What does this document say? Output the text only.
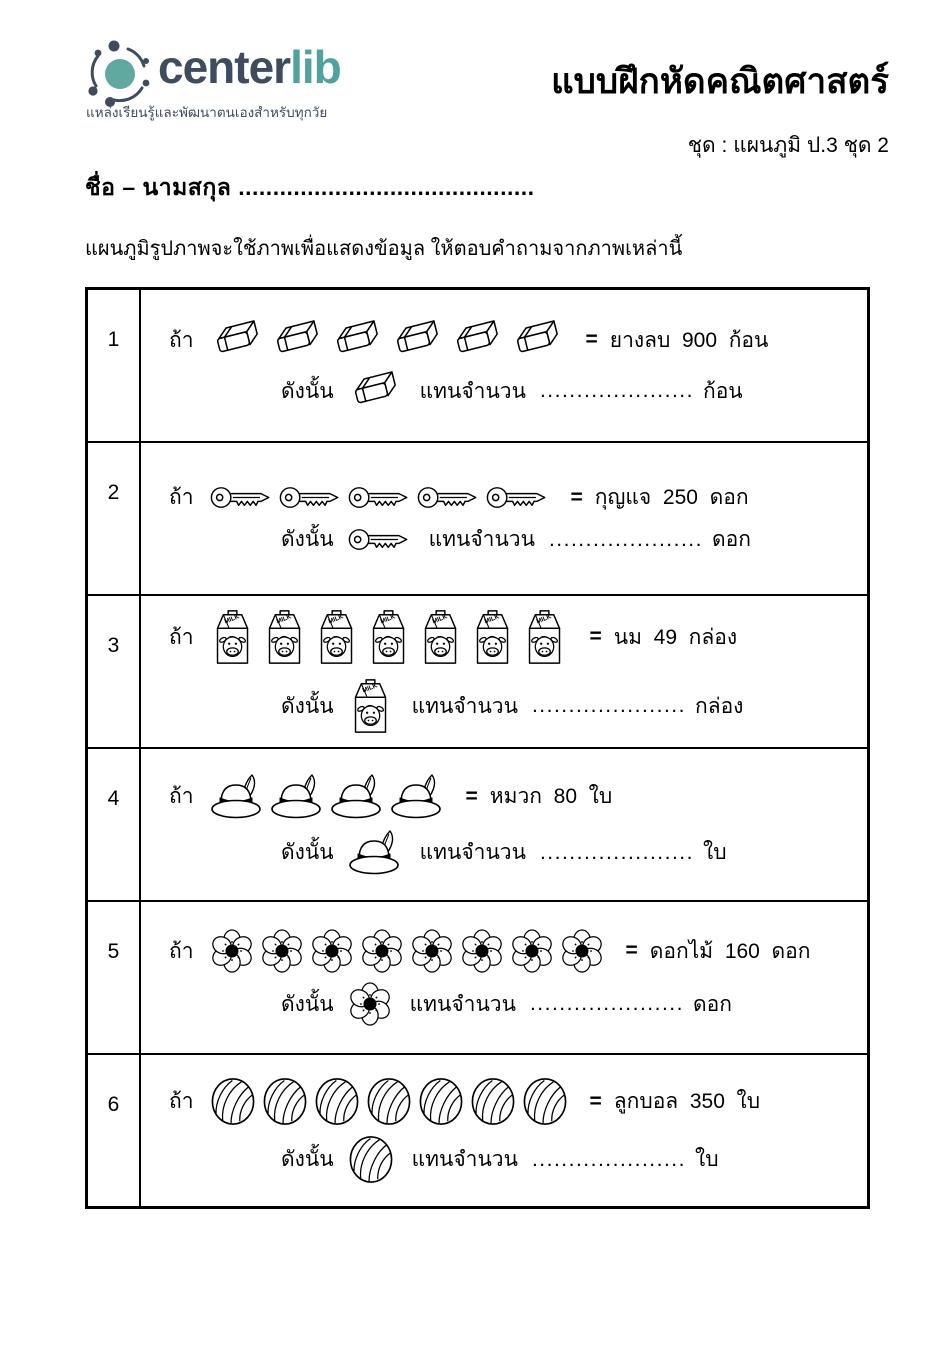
centerlib
แหล่งเรียนรู้และพัฒนาตนเองสำหรับทุกวัย
แบบฝึกหัดคณิตศาสตร์
ชุด : แผนภูมิ ป.3 ชุด 2
ชื่อ – นามสกุล ...........................................
แผนภูมิรูปภาพจะใช้ภาพเพื่อแสดงข้อมูล ให้ตอบคำถามจากภาพเหล่านี้
1	ถ้า	= ยางลบ  900  ก้อน
ดังนั้น	แทนจำนวน ..................... ก้อน
2	ถ้า	= กุญแจ  250  ดอก
ดังนั้น	แทนจำนวน ..................... ดอก
3	ถ้า	= นม  49  กล่อง
ดังนั้น	แทนจำนวน ..................... กล่อง
4	ถ้า	= หมวก  80  ใบ
ดังนั้น	แทนจำนวน ..................... ใบ
5	ถ้า	= ดอกไม้  160  ดอก
ดังนั้น	แทนจำนวน ..................... ดอก
6	ถ้า	= ลูกบอล  350  ใบ
ดังนั้น	แทนจำนวน ..................... ใบ
